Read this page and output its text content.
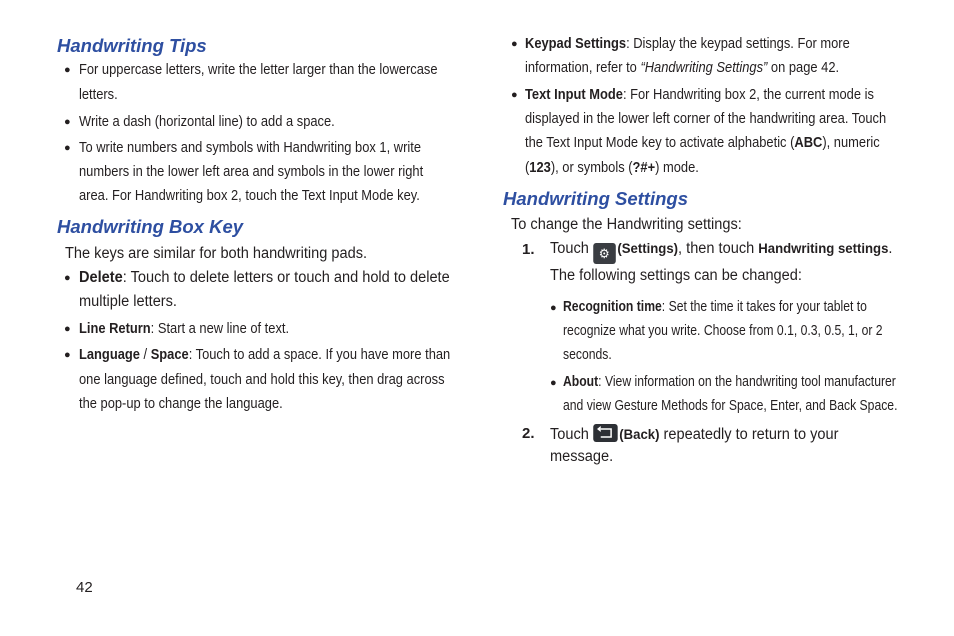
Handwriting Tips
● For uppercase letters, write the letter larger than the lowercase
letters.
● Write a dash (horizontal line) to add a space.
● To write numbers and symbols with Handwriting box 1, write
numbers in the lower left area and symbols in the lower right
area. For Handwriting box 2, touch the Text Input Mode key.
Handwriting Box Key
The keys are similar for both handwriting pads.
● Delete: Touch to delete letters or touch and hold to delete
multiple letters.
● Line Return: Start a new line of text.
● Language / Space: Touch to add a space. If you have more than
one language defined, touch and hold this key, then drag across
the pop-up to change the language.
● Keypad Settings: Display the keypad settings. For more
information, refer to “Handwriting Settings” on page 42.
● Text Input Mode: For Handwriting box 2, the current mode is
displayed in the lower left corner of the handwriting area. Touch
the Text Input Mode key to activate alphabetic (ABC), numeric
(123), or symbols (?#+) mode.
Handwriting Settings
To change the Handwriting settings:
1. Touch ⚙ (Settings), then touch Handwriting settings.
The following settings can be changed:
● Recognition time: Set the time it takes for your tablet to
recognize what you write. Choose from 0.1, 0.3, 0.5, 1, or 2
seconds.
● About: View information on the handwriting tool manufacturer
and view Gesture Methods for Space, Enter, and Back Space.
2. Touch (Back) repeatedly to return to your
message.
42
